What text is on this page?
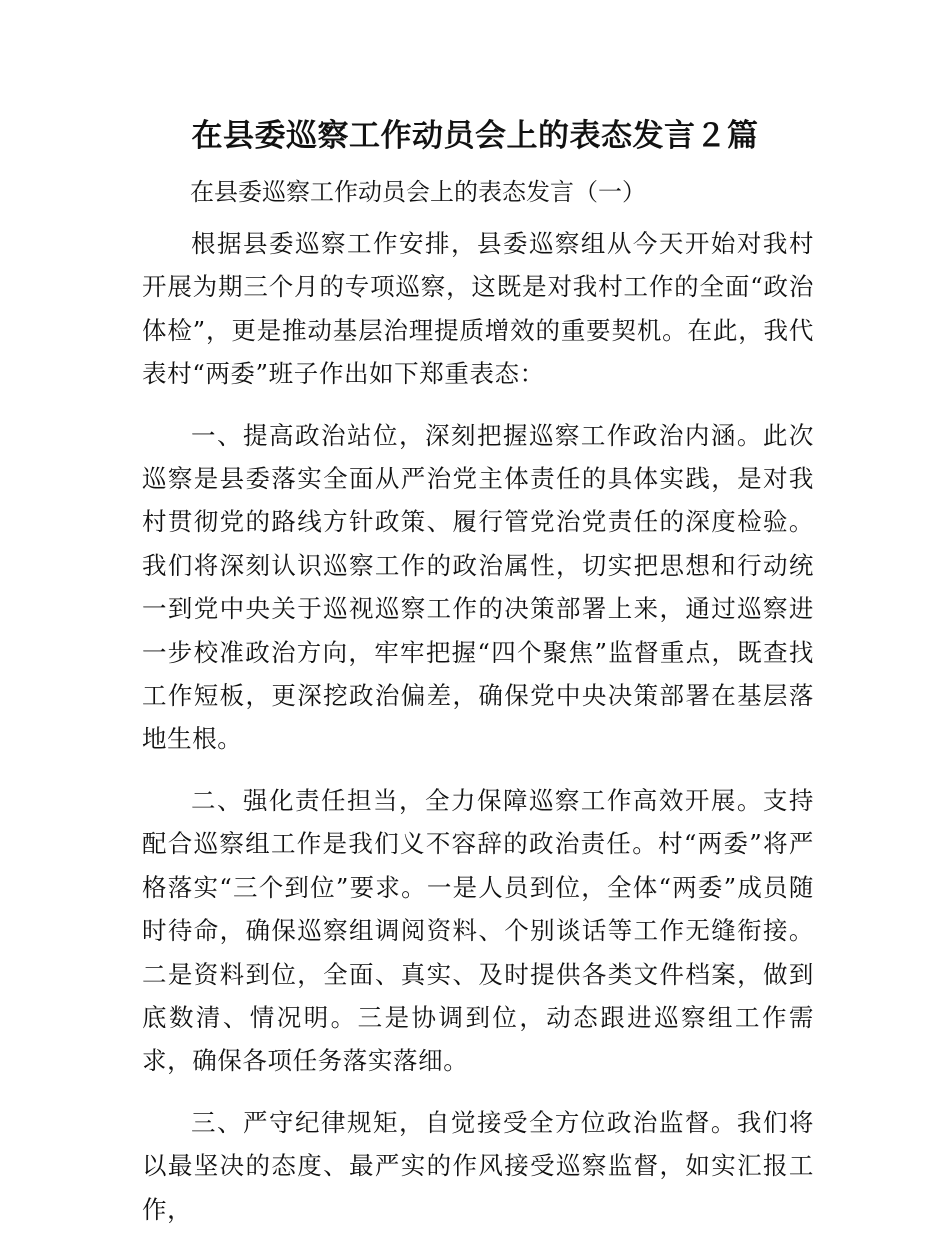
在县委巡察工作动员会上的表态发言２篇

在县委巡察工作动员会上的表态发言（一）

根据县委巡察工作安排，县委巡察组从今天开始对我村开展为期三个月的专项巡察，这既是对我村工作的全面“政治体检”，更是推动基层治理提质增效的重要契机。在此，我代表村“两委”班子作出如下郑重表态：

一、提高政治站位，深刻把握巡察工作政治内涵。此次巡察是县委落实全面从严治党主体责任的具体实践，是对我村贯彻党的路线方针政策、履行管党治党责任的深度检验。我们将深刻认识巡察工作的政治属性，切实把思想和行动统一到党中央关于巡视巡察工作的决策部署上来，通过巡察进一步校准政治方向，牢牢把握“四个聚焦”监督重点，既查找工作短板，更深挖政治偏差，确保党中央决策部署在基层落地生根。

二、强化责任担当，全力保障巡察工作高效开展。支持配合巡察组工作是我们义不容辞的政治责任。村“两委”将严格落实“三个到位”要求。一是人员到位，全体“两委”成员随时待命，确保巡察组调阅资料、个别谈话等工作无缝衔接。二是资料到位，全面、真实、及时提供各类文件档案，做到底数清、情况明。三是协调到位，动态跟进巡察组工作需求，确保各项任务落实落细。

三、严守纪律规矩，自觉接受全方位政治监督。我们将以最坚决的态度、最严实的作风接受巡察监督，如实汇报工作，
